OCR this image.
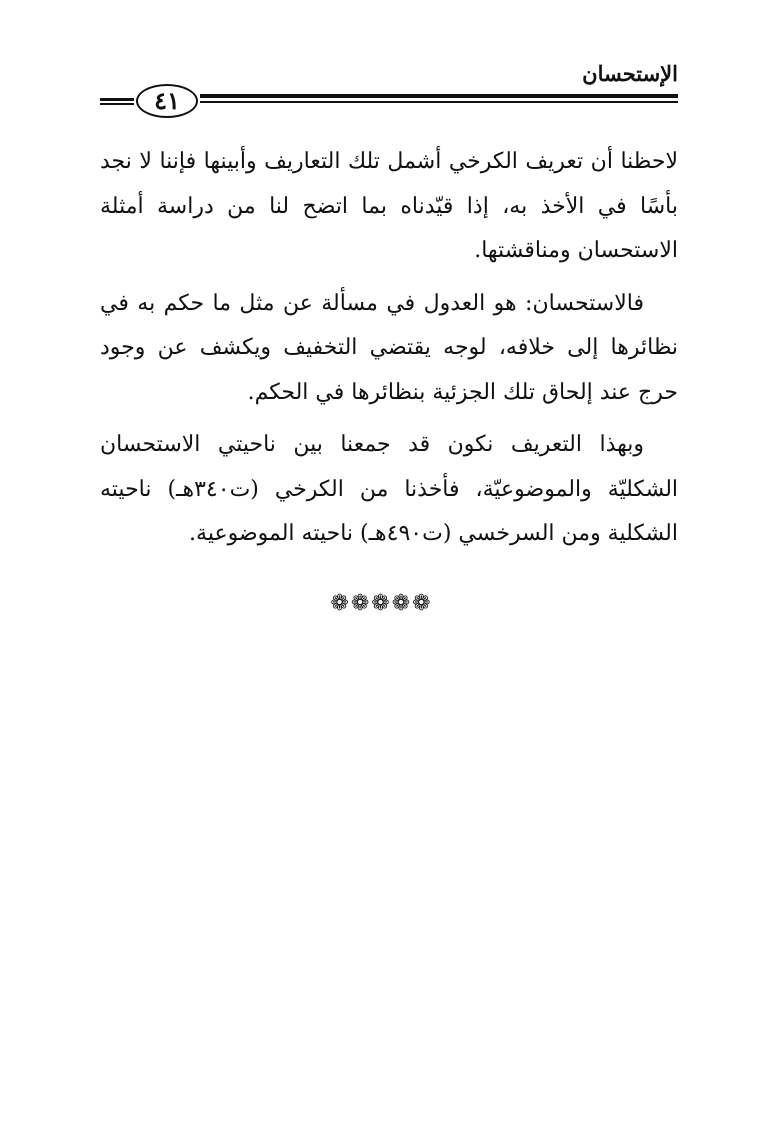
الإستحسان
٤١

لاحظنا أن تعريف الكرخي أشمل تلك التعاريف وأبينها فإننا لا نجد بأسًا في الأخذ به، إذا قيّدناه بما اتضح لنا من دراسة أمثلة الاستحسان ومناقشتها.

فالاستحسان: هو العدول في مسألة عن مثل ما حكم به في نظائرها إلى خلافه، لوجه يقتضي التخفيف ويكشف عن وجود حرج عند إلحاق تلك الجزئية بنظائرها في الحكم.

وبهذا التعريف نكون قد جمعنا بين ناحيتي الاستحسان الشكليّة والموضوعيّة، فأخذنا من الكرخي (ت٣٤٠هـ) ناحيته الشكلية ومن السرخسي (ت٤٩٠هـ) ناحيته الموضوعية.

❁❁❁❁❁
